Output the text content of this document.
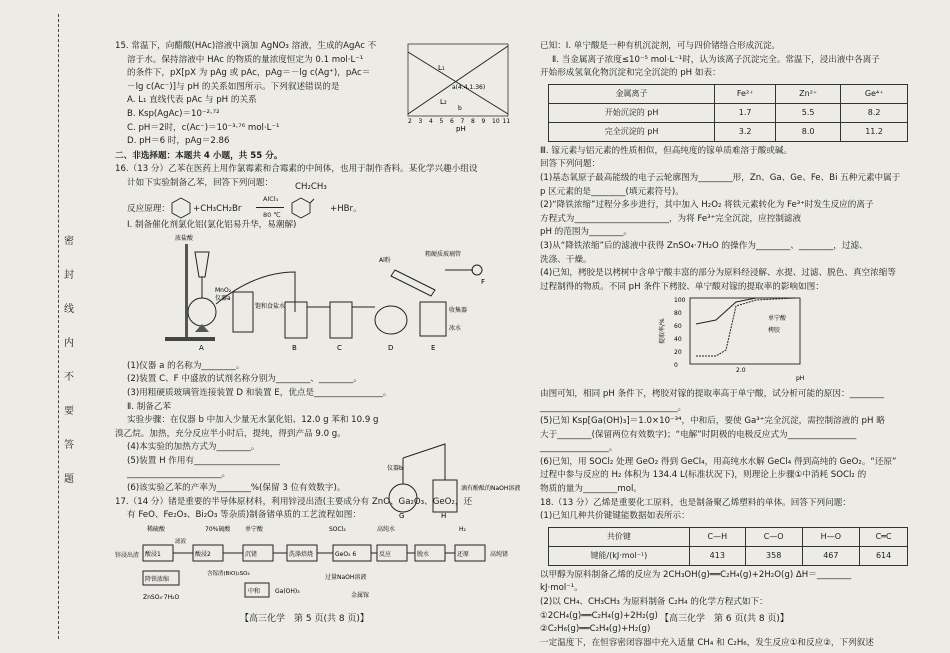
密
封
线
内
不
要
答
题

15. 常温下，向醋酸(HAc)溶液中滴加 AgNO₃ 溶液，生成的AgAc 不

溶于水。保持溶液中 HAc 的物质的量浓度恒定为 0.1 mol·L⁻¹

的条件下，pX[pX 为 pAg 或 pAc，pAg＝－lg c(Ag⁺)，pAc＝

－lg c(Ac⁻)]与 pH 的关系如图所示。下列叙述错误的是

A. L₁ 直线代表 pAc 与 pH 的关系

B. Ksp(AgAc)＝10⁻²·⁷²

C. pH＝2时，c(Ac⁻)＝10⁻³·⁷⁶ mol·L⁻¹

D. pH＝6 时，pAg＝2.86

L₁
L₂
a(4.4,1.36)
b
2 3 4 5 6 7 8 9 10 11
pH

二、非选择题：本题共 4 小题，共 55 分。

16.（13 分）乙苯在医药上用作氯霉素和合霉素的中间体，也用于制作香料。某化学兴趣小组设

计如下实验制备乙苯，回答下列问题：

反应原理：	+CH₃CH₂Br
AlCl₃
80 ℃
CH₂CH₃
+HBr。

Ⅰ. 制备催化剂氯化铝(氯化铝易升华，易潮解)

浓盐酸
MnO₂
仪器a
饱和食盐水
Al粉
粗硬质玻璃管
收集器
冰水
A	B	C	D	E
F

(1)仪器 a 的名称为________。

(2)装置 C、F 中盛放的试剂名称分别为________、________。

(3)用粗硬质玻璃管连接装置 D 和装置 E，优点是________________。

Ⅱ. 制备乙苯

实验步骤：在仪器 b 中加入少量无水氯化铝、12.0 g 苯和 10.9 g

溴乙烷。加热，充分反应半小时后，提纯，得到产品 9.0 g。

(4)本实验的加热方式为________。

(5)装置 H 作用有____________________

______________________。

(6)该实验乙苯的产率为________%(保留 3 位有效数字)。

仪器b
滴有酚酞的NaOH溶液
G	H

17.（14 分）锗是重要的半导体原材料，利用锌浸出渣(主要成分有 ZnO、Ga₂O₃、GeO₂，还

有 FeO、Fe₂O₃、Bi₂O₃ 等杂质)制备锗单质的工艺流程如图：

锌浸出渣 酸浸1	酸浸2	沉锗	洗涤焙烧	GeO₂ 6	反应	脱水	还原
稀硫酸	70%硫酸 单宁酸	SOCl₂	高纯水	H₂
高纯锗
滤液
降铁浓缩
ZnSO₄·7H₂O
含镓渣(BiO)₂SO₄
中和 Ga(OH)₃
过量NaOH溶液
金属镓

已知：Ⅰ. 单宁酸是一种有机沉淀剂，可与四价锗络合形成沉淀。

Ⅱ. 当金属离子浓度≤10⁻⁵ mol·L⁻¹时，认为该离子沉淀完全。常温下，浸出液中各离子

开始形成氢氧化物沉淀和完全沉淀的 pH 如表：

金属离子	Fe²⁺	Zn²⁺	Ge⁴⁺
开始沉淀的 pH	1.7	5.5	8.2
完全沉淀的 pH	3.2	8.0	11.2

Ⅲ. 镓元素与铝元素的性质相似，但高纯度的镓单质难溶于酸或碱。

回答下列问题：

(1)基态氧原子最高能级的电子云轮廓图为________形，Zn、Ga、Ge、Fe、Bi 五种元素中属于

p 区元素的是________(填元素符号)。

(2)“降铁浓缩”过程分多步进行，其中加入 H₂O₂ 将铁元素转化为 Fe³⁺时发生反应的离子

方程式为______________________，为将 Fe³⁺完全沉淀，应控制滤液

pH 的范围为________。

(3)从“降铁浓缩”后的滤液中获得 ZnSO₄·7H₂O 的操作为________、________，过滤、

洗涤、干燥。

(4)已知，栲胶是以栲树中含单宁酸丰富的部分为原料经浸解、水提、过滤、脱色、真空浓缩等

过程制得的物质。不同 pH 条件下栲胶、单宁酸对镓的提取率的影响如图：

100
80
60
40
20
0
提取率/%
2.0
pH
单宁酸
栲胶

由图可知，相同 pH 条件下，栲胶对镓的提取率高于单宁酸，试分析可能的原因：________

________________________________。

(5)已知 Ksp[Ga(OH)₃]＝1.0×10⁻³⁴，中和后，要使 Ga³⁺完全沉淀，需控制溶液的 pH 略

大于________(保留两位有效数字)；“电解”时阴极的电极反应式为________________

________________。

(6)已知，用 SOCl₂ 处理 GeO₂ 得到 GeCl₄，用高纯水水解 GeCl₄ 得到高纯的 GeO₂。“还原”

过程中参与反应的 H₂ 体积为 134.4 L(标准状况下)，则理论上步骤①中消耗 SOCl₂ 的

物质的量为________mol。

18.（13 分）乙烯是重要化工原料，也是制备聚乙烯塑料的单体。回答下列问题：

(1)已知几种共价键键能数据如表所示：

共价键	C—H	C—O	H—O	C═C
键能/(kJ·mol⁻¹)	413	358	467	614

以甲醇为原料制备乙烯的反应为 2CH₃OH(g)══C₂H₄(g)+2H₂O(g) ΔH＝________

kJ·mol⁻¹。

(2)以 CH₄、CH₃CH₃ 为原料制备 C₂H₄ 的化学方程式如下：

①2CH₄(g)══C₂H₄(g)+2H₂(g)

②C₂H₆(g)══C₂H₄(g)+H₂(g)

一定温度下，在恒容密闭容器中充入适量 CH₄ 和 C₂H₆，发生反应①和反应②，下列叙述

【高三化学　第 5 页(共 8 页)】	【高三化学　第 6 页(共 8 页)】
